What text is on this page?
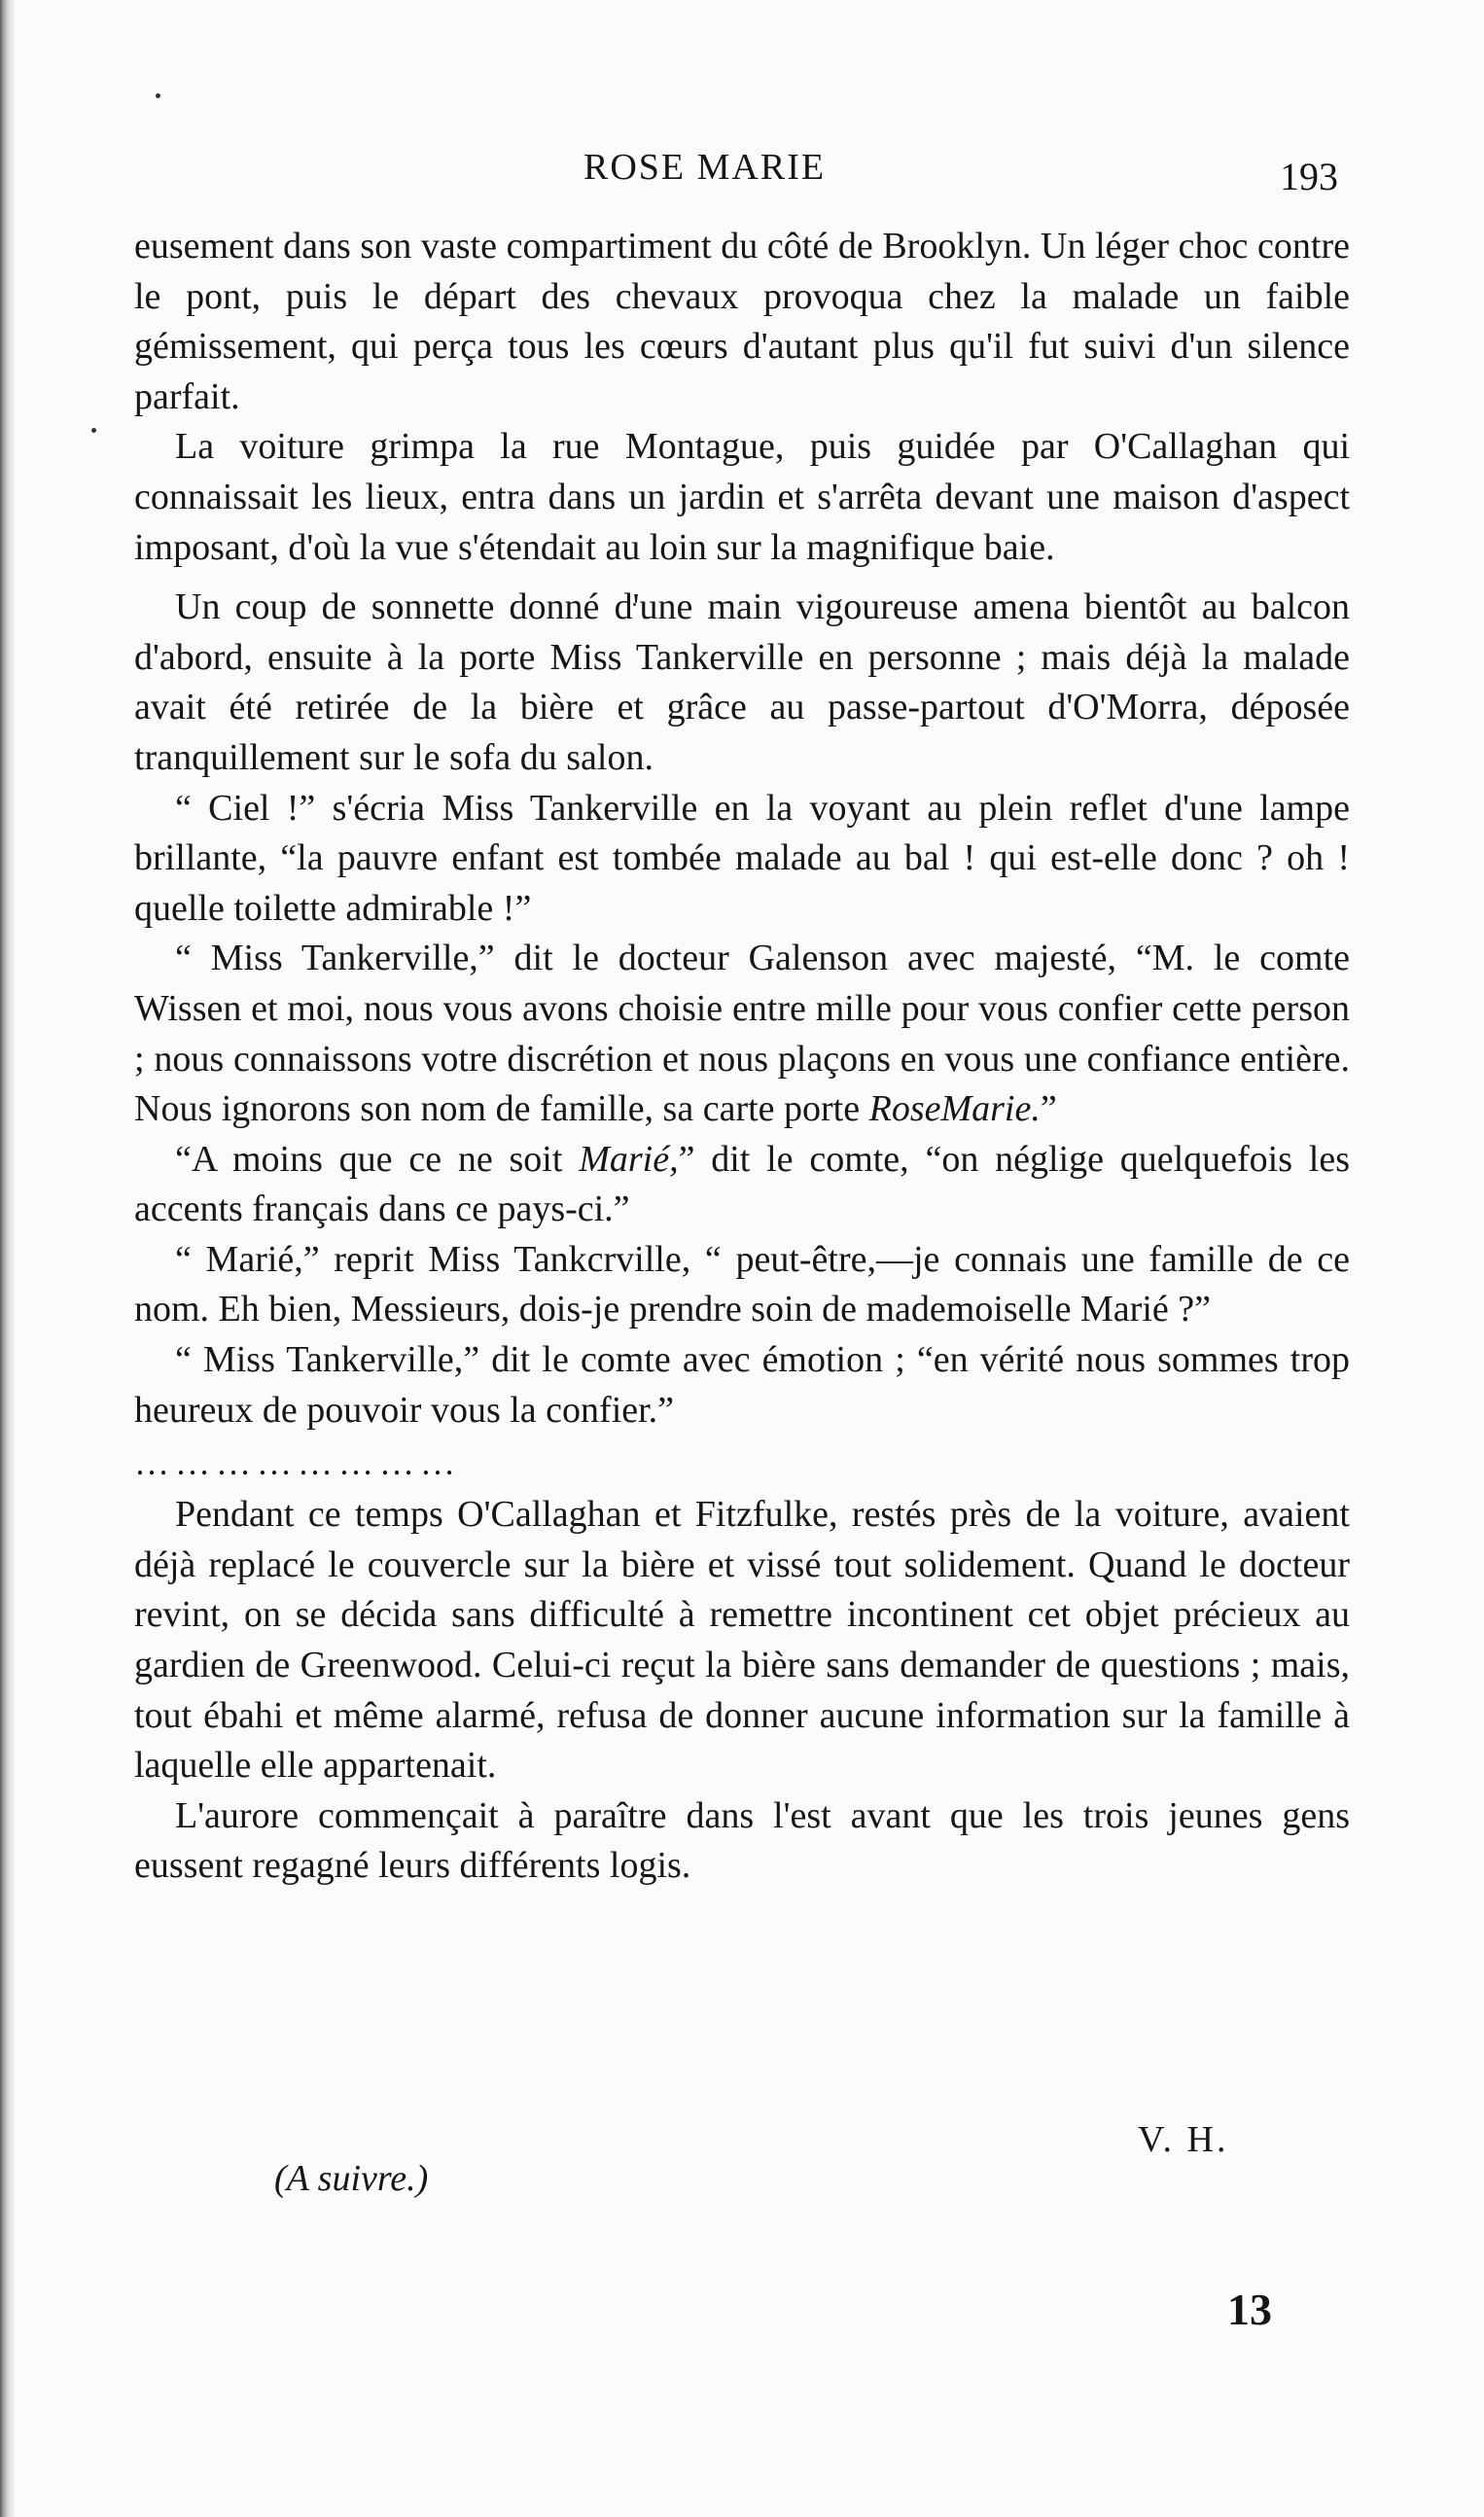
ROSE MARIE	193

eusement dans son vaste compartiment du côté de Brooklyn. Un léger choc contre le pont, puis le départ des chevaux provoqua chez la malade un faible gémissement, qui perça tous les cœurs d'autant plus qu'il fut suivi d'un silence parfait.

La voiture grimpa la rue Montague, puis guidée par O'Callaghan qui connaissait les lieux, entra dans un jardin et s'arrêta devant une maison d'aspect imposant, d'où la vue s'étendait au loin sur la magnifique baie.

Un coup de sonnette donné d'une main vigoureuse amena bientôt au balcon d'abord, ensuite à la porte Miss Tankerville en personne ; mais déjà la malade avait été retirée de la bière et grâce au passe-partout d'O'Morra, déposée tranquillement sur le sofa du salon.

“ Ciel !” s'écria Miss Tankerville en la voyant au plein reflet d'une lampe brillante, “la pauvre enfant est tombée malade au bal ! qui est-elle donc ? oh ! quelle toilette admirable !”

“ Miss Tankerville,” dit le docteur Galenson avec majesté, “M. le comte Wissen et moi, nous vous avons choisie entre mille pour vous confier cette person ; nous connaissons votre discrétion et nous plaçons en vous une confiance entière. Nous ignorons son nom de famille, sa carte porte RoseMarie.”

“A moins que ce ne soit Marié,” dit le comte, “on néglige quelquefois les accents français dans ce pays-ci.”

“ Marié,” reprit Miss Tankcrville, “ peut-être,—je connais une famille de ce nom. Eh bien, Messieurs, dois-je prendre soin de mademoiselle Marié ?”

“ Miss Tankerville,” dit le comte avec émotion ; “en vérité nous sommes trop heureux de pouvoir vous la confier.”

……………………

Pendant ce temps O'Callaghan et Fitzfulke, restés près de la voiture, avaient déjà replacé le couvercle sur la bière et vissé tout solidement. Quand le docteur revint, on se décida sans difficulté à remettre incontinent cet objet précieux au gardien de Greenwood. Celui-ci reçut la bière sans demander de questions ; mais, tout ébahi et même alarmé, refusa de donner aucune information sur la famille à laquelle elle appartenait.

L'aurore commençait à paraître dans l'est avant que les trois jeunes gens eussent regagné leurs différents logis.

V. H.
(A suivre.)
13
